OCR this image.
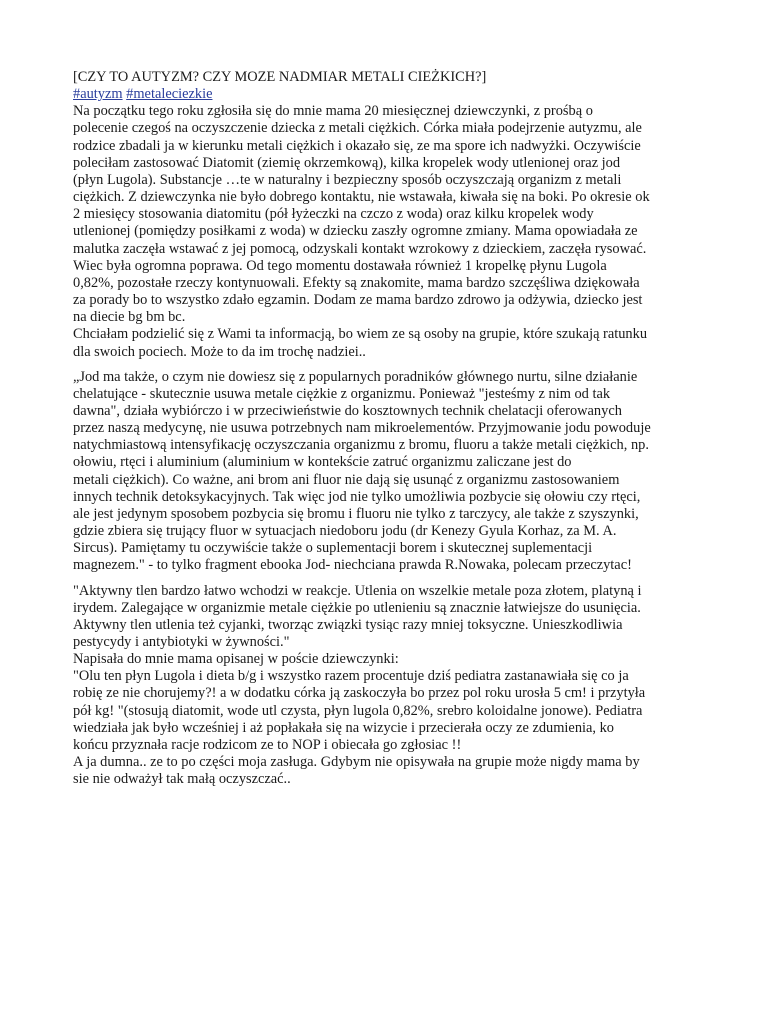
[CZY TO AUTYZM? CZY MOZE NADMIAR METALI CIEŻKICH?]

#autyzm #metaleciezkie

Na początku tego roku zgłosiła się do mnie mama 20 miesięcznej dziewczynki, z prośbą o
polecenie czegoś na oczyszczenie dziecka z metali ciężkich. Córka miała podejrzenie autyzmu, ale
rodzice zbadali ja w kierunku metali ciężkich i okazało się, ze ma spore ich nadwyżki. Oczywiście
poleciłam zastosować Diatomit (ziemię okrzemkową), kilka kropelek wody utlenionej oraz jod
(płyn Lugola). Substancje …te w naturalny i bezpieczny sposób oczyszczają organizm z metali
ciężkich. Z dziewczynka nie było dobrego kontaktu, nie wstawała, kiwała się na boki. Po okresie ok
2 miesięcy stosowania diatomitu (pół łyżeczki na czczo z woda) oraz kilku kropelek wody
utlenionej (pomiędzy posiłkami z woda) w dziecku zaszły ogromne zmiany. Mama opowiadała ze
malutka zaczęła wstawać z jej pomocą, odzyskali kontakt wzrokowy z dzieckiem, zaczęła rysować.
Wiec była ogromna poprawa. Od tego momentu dostawała również 1 kropelkę płynu Lugola
0,82%, pozostałe rzeczy kontynuowali. Efekty są znakomite, mama bardzo szczęśliwa dziękowała
za porady bo to wszystko zdało egzamin. Dodam ze mama bardzo zdrowo ja odżywia, dziecko jest
na diecie bg bm bc.

Chciałam podzielić się z Wami ta informacją, bo wiem ze są osoby na grupie, które szukają ratunku
dla swoich pociech. Może to da im trochę nadziei..

„Jod ma także, o czym nie dowiesz się z popularnych poradników głównego nurtu, silne działanie
chelatujące - skutecznie usuwa metale ciężkie z organizmu. Ponieważ "jesteśmy z nim od tak
dawna", działa wybiórczo i w przeciwieństwie do kosztownych technik chelatacji oferowanych
przez naszą medycynę, nie usuwa potrzebnych nam mikroelementów. Przyjmowanie jodu powoduje
natychmiastową intensyfikację oczyszczania organizmu z bromu, fluoru a także metali ciężkich, np.
ołowiu, rtęci i aluminium (aluminium w kontekście zatruć organizmu zaliczane jest do
metali ciężkich). Co ważne, ani brom ani fluor nie dają się usunąć z organizmu zastosowaniem
innych technik detoksykacyjnych. Tak więc jod nie tylko umożliwia pozbycie się ołowiu czy rtęci,
ale jest jedynym sposobem pozbycia się bromu i fluoru nie tylko z tarczycy, ale także z szyszynki,
gdzie zbiera się trujący fluor w sytuacjach niedoboru jodu (dr Kenezy Gyula Korhaz, za M. A.
Sircus). Pamiętamy tu oczywiście także o suplementacji borem i skutecznej suplementacji
magnezem." - to tylko fragment ebooka Jod- niechciana prawda R.Nowaka, polecam przeczytac!

"Aktywny tlen bardzo łatwo wchodzi w reakcje. Utlenia on wszelkie metale poza złotem, platyną i
irydem. Zalegające w organizmie metale ciężkie po utlenieniu są znacznie łatwiejsze do usunięcia.
Aktywny tlen utlenia też cyjanki, tworząc związki tysiąc razy mniej toksyczne. Unieszkodliwia
pestycydy i antybiotyki w żywności."

Napisała do mnie mama opisanej w poście dziewczynki:
"Olu ten płyn Lugola i dieta b/g i wszystko razem procentuje dziś pediatra zastanawiała się co ja
robię ze nie chorujemy?! a w dodatku córka ją zaskoczyła bo przez pol roku urosła 5 cm! i przytyła
pół kg! "(stosują diatomit, wode utl czysta, płyn lugola 0,82%, srebro koloidalne jonowe). Pediatra
wiedziała jak było wcześniej i aż popłakała się na wizycie i przecierała oczy ze zdumienia, ko
końcu przyznała racje rodzicom ze to NOP i obiecała go zgłosiac !!

A ja dumna.. ze to po części moja zasługa. Gdybym nie opisywała na grupie może nigdy mama by
sie nie odważył tak małą oczyszczać..
